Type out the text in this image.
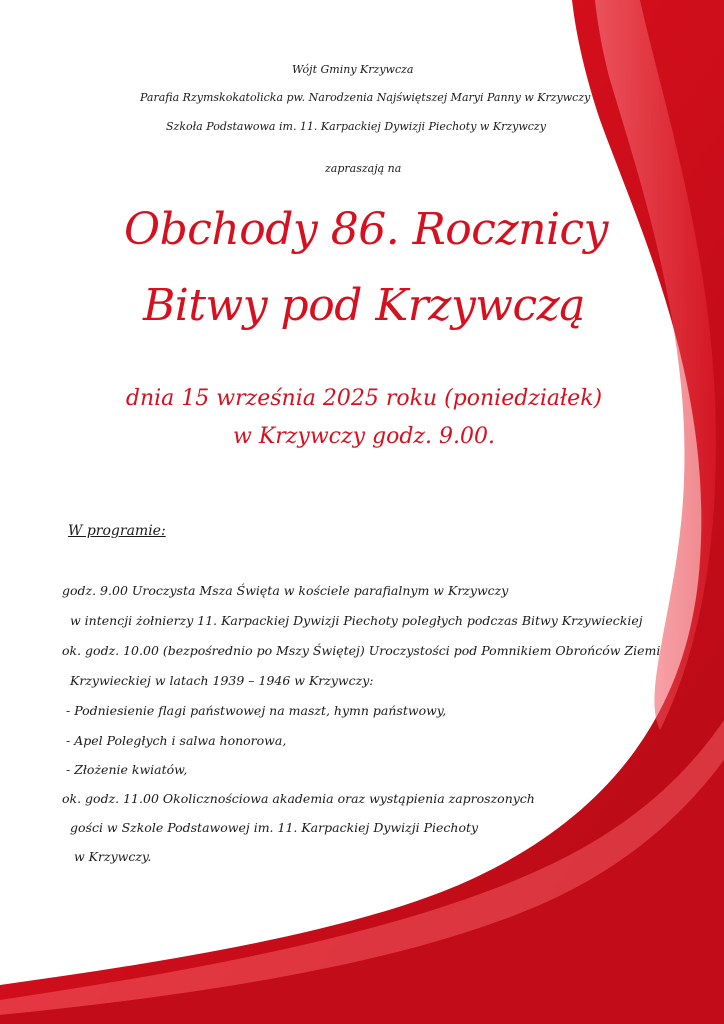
Wójt Gminy Krzywcza
Parafia Rzymskokatolicka pw. Narodzenia Najświętszej Maryi Panny w Krzywczy
Szkoła Podstawowa im. 11. Karpackiej Dywizji Piechoty w Krzywczy
zapraszają na
Obchody 86. Rocznicy
Bitwy pod Krzywczą
dnia 15 września 2025 roku (poniedziałek)
w Krzywczy godz. 9.00.
W programie:
godz. 9.00 Uroczysta Msza Święta w kościele parafialnym w Krzywczy
w intencji żołnierzy 11. Karpackiej Dywizji Piechoty poległych podczas Bitwy Krzywieckiej
ok. godz. 10.00 (bezpośrednio po Mszy Świętej) Uroczystości pod Pomnikiem Obrońców Ziemi
Krzywieckiej w latach 1939 – 1946 w Krzywczy:
- Podniesienie flagi państwowej na maszt, hymn państwowy,
- Apel Poległych i salwa honorowa,
- Złożenie kwiatów,
ok. godz. 11.00 Okolicznościowa akademia oraz wystąpienia zaproszonych
gości w Szkole Podstawowej im. 11. Karpackiej Dywizji Piechoty
w Krzywczy.
